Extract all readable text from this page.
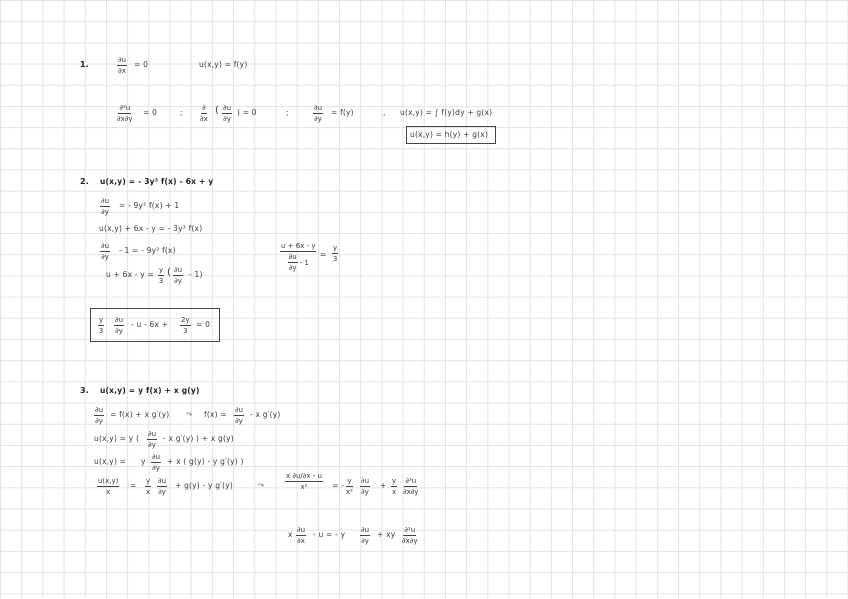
1.	$\frac{\partial u}{\partial x} = 0$	u(x,y) = f(y)
$\frac{\text{∂²u}}{\partial x\partial y} = 0$	;	∂
∂x
( $\frac{\partial u}{\partial y}$ ) = 0	;	$\frac{\partial u}{\partial y} = f(y)$	, u(x,y) = ∫ f(y)dy + g(x)
u(x,y) = h(y) + g(x)
2. u(x,y) = - 3y³ f(x) - 6x + y
$\frac{\partial u}{\partial y}$ = - 9y² f(x) + 1
u(x,y) + 6x - y = - 3y³ f(x)
$\frac{\partial u}{\partial y} - 1$ = - 9y² f(x)
$u + 6x - y = \frac{y}{3}$ ( $\frac{\partial u}{\partial y} - 1$)
$\frac{u + 6x - y}{\frac{\partial u}{\partial y} - 1} = \frac{y}{3}$
$\frac{y}{3} \frac{\partial u}{\partial y} - u - 6x + \frac{2y}{3} = 0$
3. u(x,y) = y f(x) + x g(y)
$\frac{\partial u}{\partial y} = f(x) + x$ g′(y) ⤳ $f(x) = \frac{\partial u}{\partial y} - x$ g′(y)
u(x,y) = y ( $\frac{\partial u}{\partial y}$ - x g′(y) ) + x g(y)
u(x,y) = y $\frac{\partial u}{\partial y} + x$ ( g(y) - y g′(y) )
$\frac{u(x,y)}{x} = \frac{y}{x} \frac{\partial u}{\partial y} + g(y) - y$ g′(y)	⤳	$\frac{x \partial u/\partial x - u}{\text{x²}}$ = - $\frac{y}{\text{x²}} \frac{\partial u}{\partial y} + \frac{y}{x} \frac{\text{∂²u}}{\partial x\partial y}$
x $\frac{\partial u}{\partial x}$ - u = - y $\frac{\partial u}{\partial y}$ + xy $\frac{\text{∂²u}}{\partial x\partial y}$
